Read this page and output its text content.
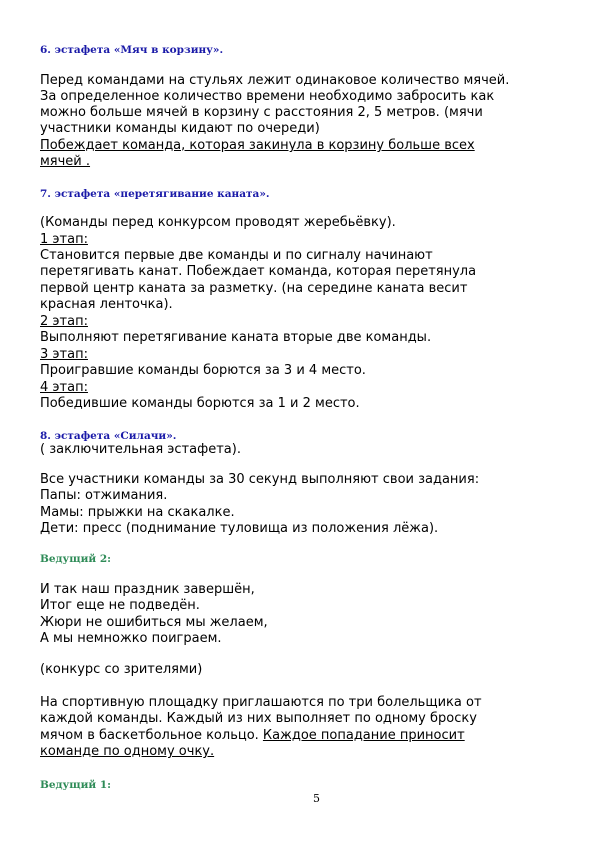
6. эстафета «Мяч в корзину».
Перед командами на стульях лежит одинаковое количество мячей.
За определенное количество времени необходимо забросить как
можно больше мячей в корзину с расстояния 2, 5 метров. (мячи
участники команды кидают по очереди)
Побеждает команда, которая закинула в корзину больше всех
мячей .
7. эстафета «перетягивание каната».
(Команды перед конкурсом проводят жеребьёвку).
1 этап:
Становится первые две команды и по сигналу начинают
перетягивать канат. Побеждает команда, которая перетянула
первой центр каната за разметку. (на середине каната весит
красная ленточка).
2 этап:
Выполняют перетягивание каната вторые две команды.
3 этап:
Проигравшие команды борются за 3 и 4 место.
4 этап:
Победившие команды борются за 1 и 2 место.
8. эстафета «Силачи».
( заключительная эстафета).
Все участники команды за 30 секунд выполняют свои задания:
Папы: отжимания.
Мамы: прыжки на скакалке.
Дети: пресс (поднимание туловища из положения лёжа).
Ведущий 2:
И так наш праздник завершён,
Итог еще не подведён.
Жюри не ошибиться мы желаем,
А мы немножко поиграем.
(конкурс со зрителями)
На спортивную площадку приглашаются по три болельщика от
каждой команды. Каждый из них выполняет по одному броску
мячом в баскетбольное кольцо. Каждое попадание приносит
команде по одному очку.
Ведущий 1:
5
